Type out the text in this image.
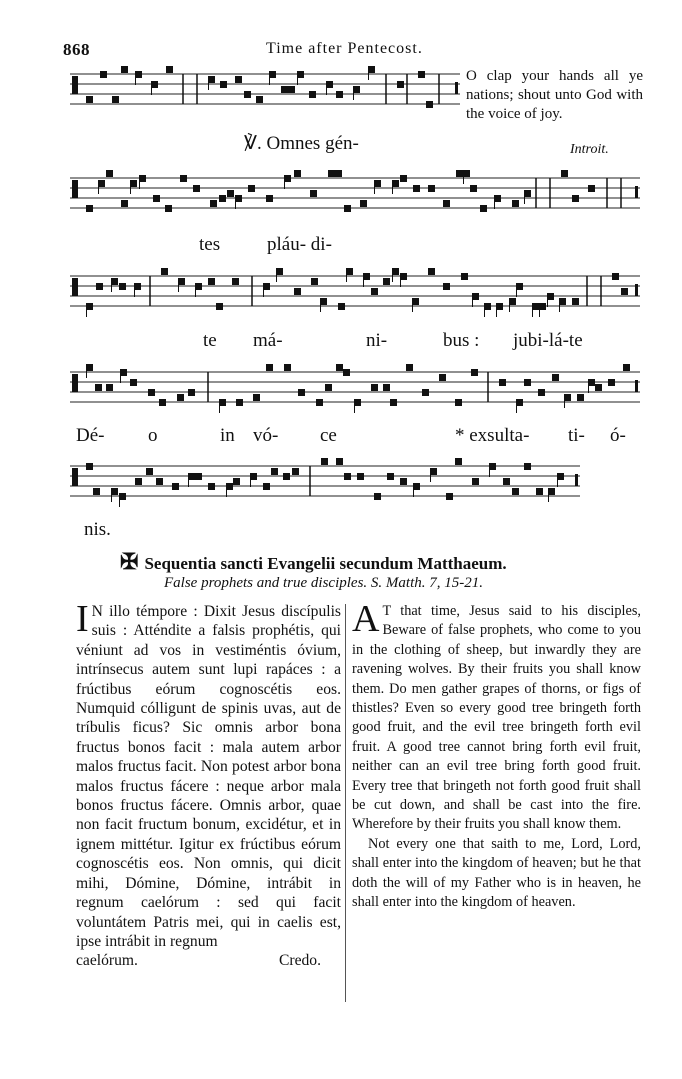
868	Time after Pentecost.
℣. Omnes gén-
tes pláu- di-
te má-	ni-	bus : jubi-lá-te
Dé- o	in vó- ce	* exsulta- ti- ó-
nis.
O clap your hands all ye nations; shout unto God with the voice of joy.
Introit.
✠ Sequentia sancti Evangelii secundum Matthaeum.
False prophets and true disciples. S. Matth. 7, 15-21.

I N illo témpore : Dixit Jesus discípulis suis : Atténdite a falsis prophétis, qui véniunt ad vos in vestiméntis óvium, intrínsecus autem sunt lupi rapáces : a frúctibus eórum cognoscétis eos. Numquid cólligunt de spinis uvas, aut de tríbulis ficus? Sic omnis arbor bona fructus bonos facit : mala autem arbor malos fructus facit. Non potest arbor bona malos fructus fácere : neque arbor mala bonos fructus fácere. Omnis arbor, quae non facit fructum bonum, excidétur, et in ignem mittétur. Igitur ex frúctibus eórum cognoscétis eos. Non omnis, qui dicit mihi, Dómine, Dómine, intrábit in regnum caelórum : sed qui facit voluntátem Patris mei, qui in caelis est, ipse intrábit in regnum

caelórum.	Credo.

A T that time, Jesus said to his disciples, Beware of false prophets, who come to you in the clothing of sheep, but inwardly they are ravening wolves. By their fruits you shall know them. Do men gather grapes of thorns, or figs of thistles? Even so every good tree bringeth forth good fruit, and the evil tree bringeth forth evil fruit. A good tree cannot bring forth evil fruit, neither can an evil tree bring forth good fruit. Every tree that bringeth not forth good fruit shall be cut down, and shall be cast into the fire. Wherefore by their fruits you shall know them.

Not every one that saith to me, Lord, Lord, shall enter into the kingdom of heaven; but he that doth the will of my Father who is in heaven, he shall enter into the kingdom of heaven.
